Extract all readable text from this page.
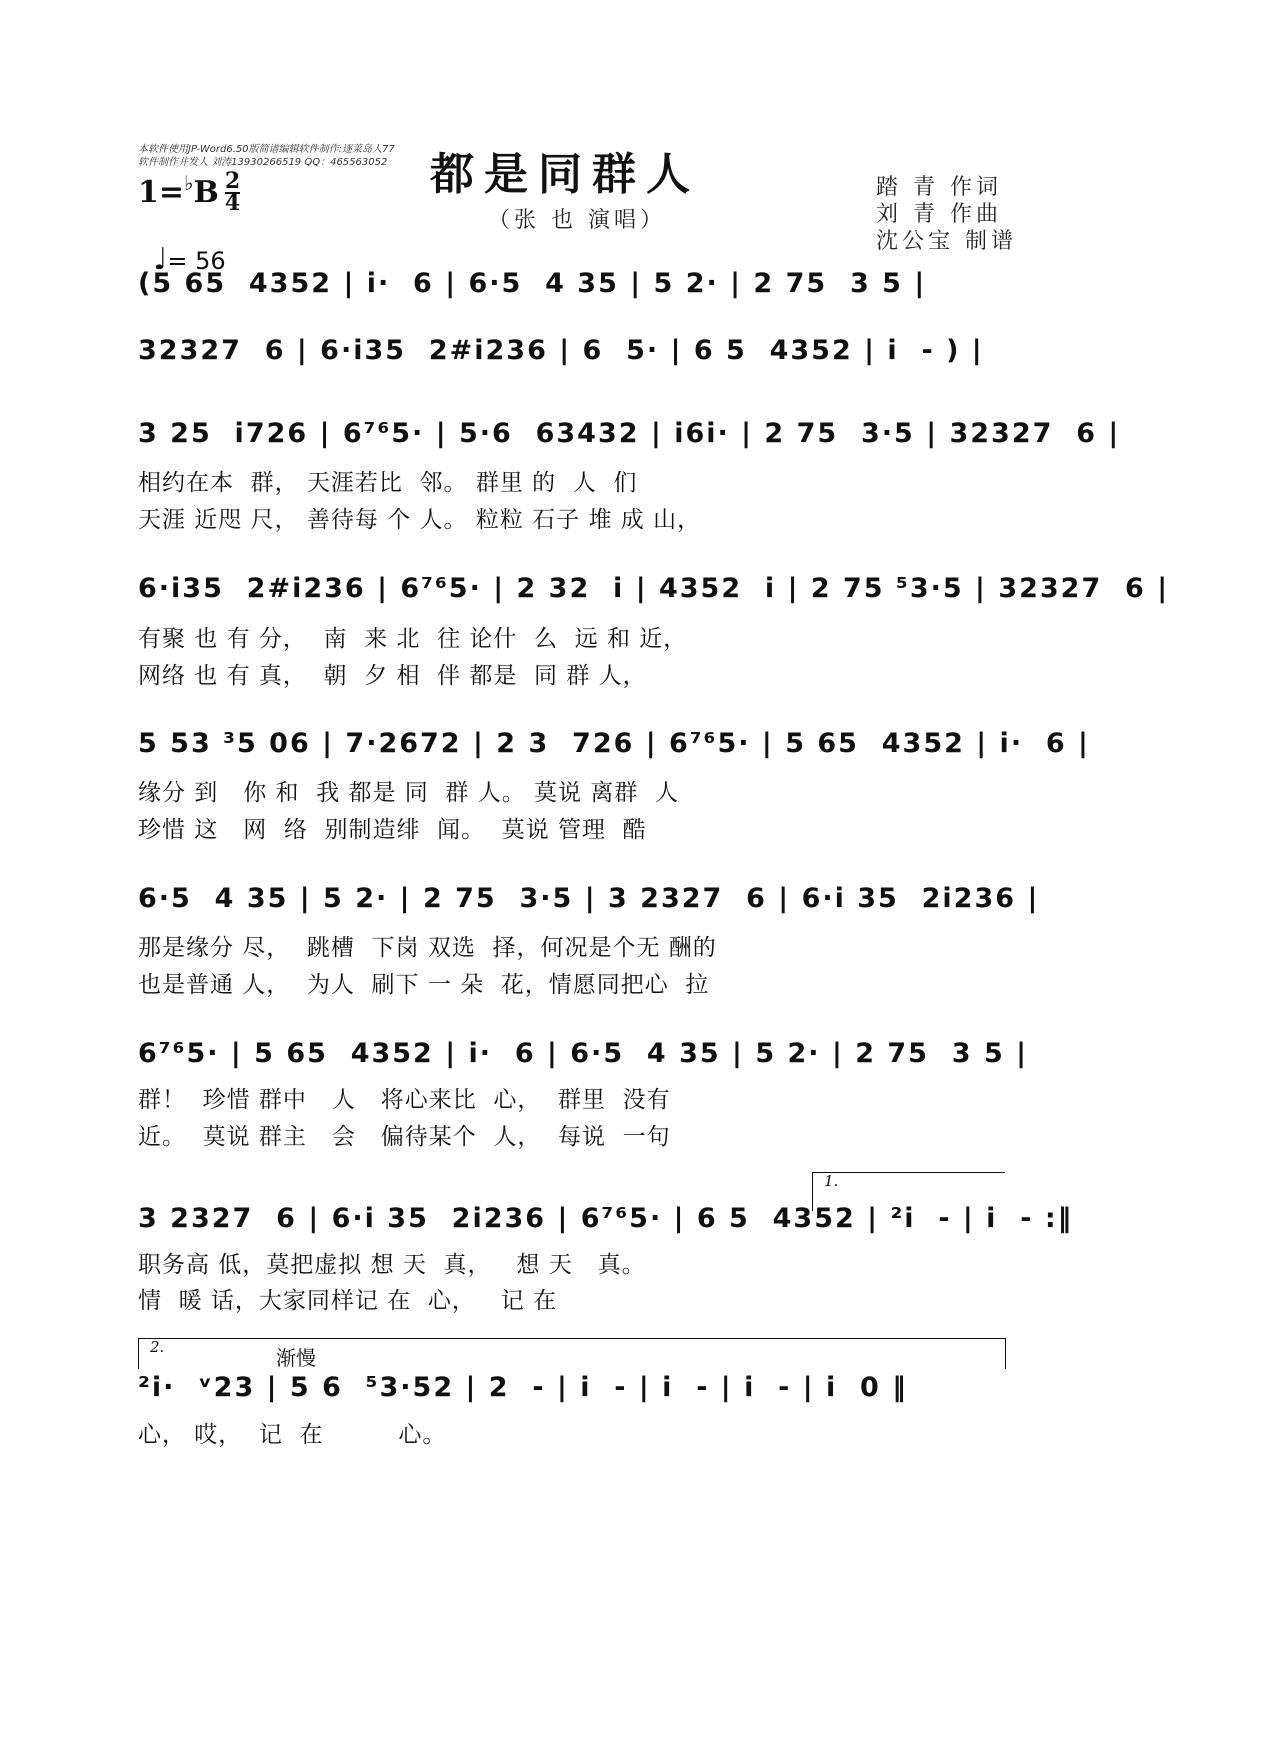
本软件使用JP-Word6.50版简谱编辑软件制作:逐莱岛人77
软件制作并发人 刘涛13930266519 QQ：465563052 都是同群人
（张 也 演唱）
踏 青 作词
刘 青 作曲
沈公宝 制谱
1= ♭ B $\frac{2}{4}$

♩= 56

(5 65  4352 | i·  6 | 6·5  4 35 | 5 2· | 2 75  3 5 |
32327  6 | 6·i35  2#i236 | 6  5· | 6 5  4352 | i  - ) |
3 25  i726 | 6⁷⁶5· | 5·6  63432 | i6i· | 2 75  3·5 | 32327  6 |
相约在本  群， 天涯若比  邻。 群里 的  人  们
天涯 近咫 尺， 善待每 个 人。 粒粒 石子 堆 成 山，
6·i35  2#i236 | 6⁷⁶5· | 2 32  i | 4352  i | 2 75 ⁵3·5 | 32327  6 |
有聚 也 有 分，  南  来 北  往 论什  么  远 和 近，
网络 也 有 真，  朝  夕 相  伴 都是  同 群 人，
5 53 ³5 06 | 7·2672 | 2 3  726 | 6⁷⁶5· | 5 65  4352 | i·  6 |
缘分 到   你 和  我 都是 同  群 人。 莫说 离群  人
珍惜 这   网  络  别制造绯  闻。  莫说 管理  酷
6·5  4 35 | 5 2· | 2 75  3·5 | 3 2327  6 | 6·i 35  2i236 |
那是缘分 尽，  跳槽  下岗 双选  择，何况是个无 酬的
也是普通 人，  为人  刷下 一 朵  花，情愿同把心  拉
6⁷⁶5· | 5 65  4352 | i·  6 | 6·5  4 35 | 5 2· | 2 75  3 5 |
群！  珍惜 群中   人   将心来比  心，  群里  没有
近。  莫说 群主   会   偏待某个  人，  每说  一句
1.
3 2327  6 | 6·i 35  2i236 | 6⁷⁶5· | 6 5  4352 | ²i  - | i  - :‖
职务高 低，莫把虚拟 想 天  真，   想 天   真。
情  暖 话，大家同样记 在  心，   记 在
2.	渐慢
²i·  ᵛ23 | 5 6  ⁵3·52 | 2  - | i  - | i  - | i  - | i  0 ‖
心， 哎，  记  在         心。
